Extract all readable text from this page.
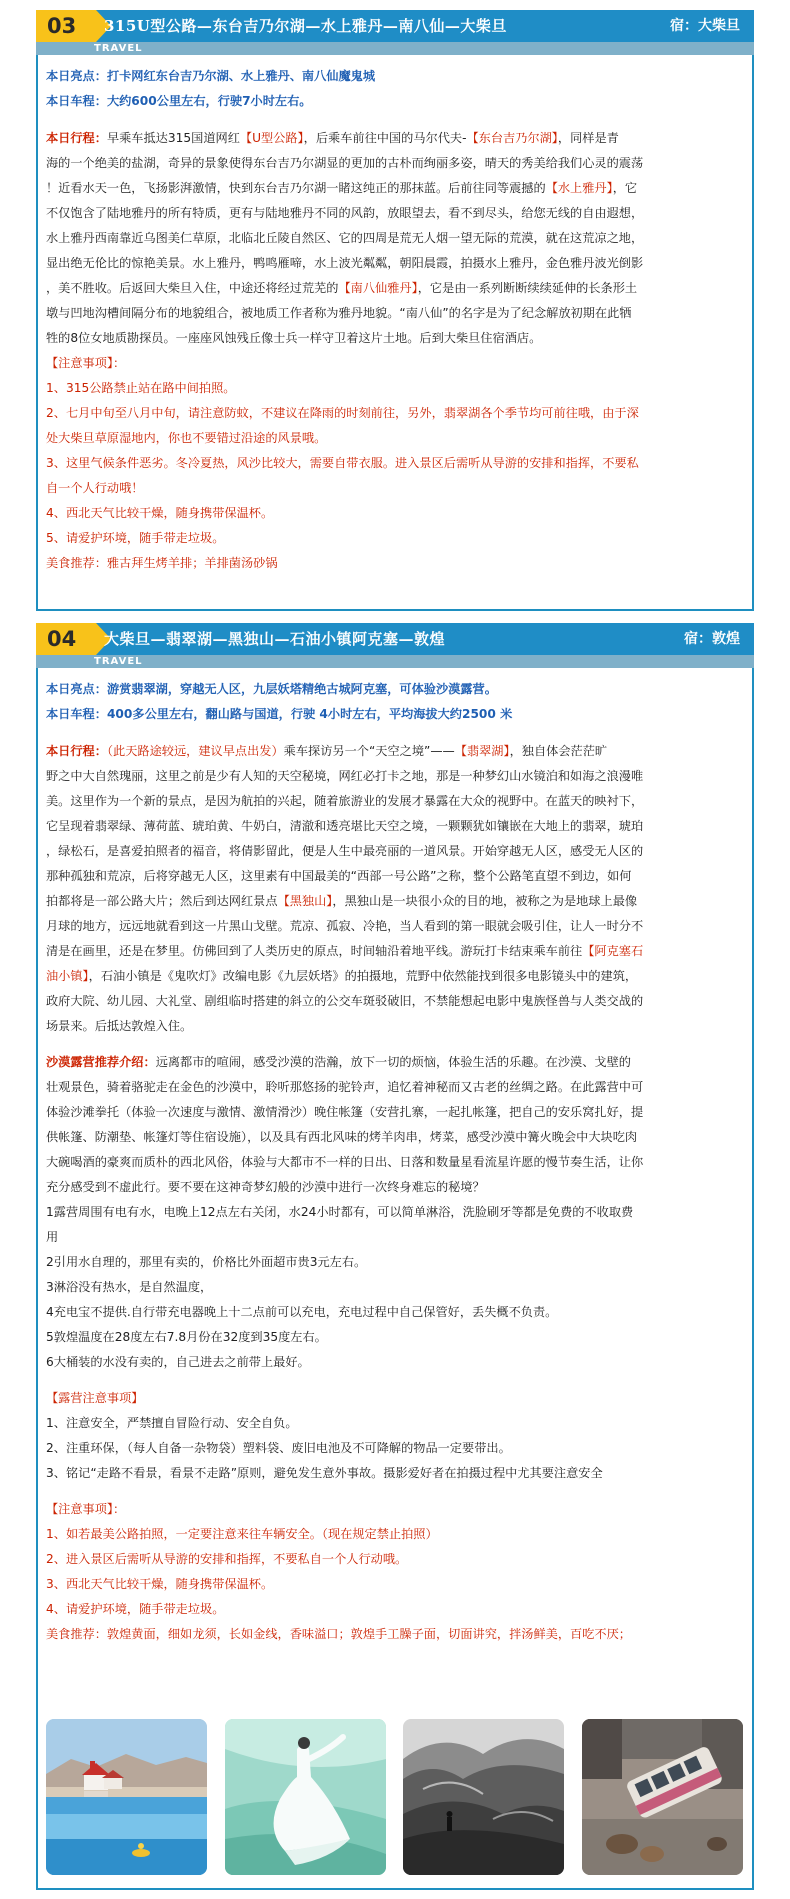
03	315U型公路—东台吉乃尔湖—水上雅丹—南八仙—大柴旦	宿：大柴旦
TRAVEL
本日亮点：打卡网红东台吉乃尔湖、水上雅丹、南八仙魔鬼城
本日车程：大约600公里左右，行驶7小时左右。
本日行程：早乘车抵达315国道网红【U型公路】，后乘车前往中国的马尔代夫-【东台吉乃尔湖】，同样是青
海的一个绝美的盐湖，奇异的景象使得东台吉乃尔湖显的更加的古朴而绚丽多姿，晴天的秀美给我们心灵的震荡
！近看水天一色，飞扬影湃激情，快到东台吉乃尔湖一睹这纯正的那抹蓝。后前往同等震撼的【水上雅丹】，它
不仅饱含了陆地雅丹的所有特质，更有与陆地雅丹不同的风韵，放眼望去，看不到尽头，给您无线的自由遐想，
水上雅丹西南靠近乌图美仁草原，北临北丘陵自然区、它的四周是荒无人烟一望无际的荒漠，就在这荒凉之地，
显出绝无伦比的惊艳美景。水上雅丹，鸭鸣雁啼，水上波光粼粼，朝阳晨霞，拍摄水上雅丹，金色雅丹波光倒影
，美不胜收。后返回大柴旦入住，中途还将经过荒芜的【南八仙雅丹】，它是由一系列断断续续延伸的长条形土
墩与凹地沟槽间隔分布的地貌组合，被地质工作者称为雅丹地貌。“南八仙”的名字是为了纪念解放初期在此牺
牲的8位女地质勘探员。一座座风蚀残丘像士兵一样守卫着这片土地。后到大柴旦住宿酒店。
【注意事项】：
1、315公路禁止站在路中间拍照。
2、七月中旬至八月中旬，请注意防蚊，不建议在降雨的时刻前往，另外，翡翠湖各个季节均可前往哦，由于深
处大柴旦草原湿地内，你也不要错过沿途的风景哦。
3、这里气候条件恶劣。冬冷夏热，风沙比较大，需要自带衣服。进入景区后需听从导游的安排和指挥，不要私
自一个人行动哦！
4、西北天气比较干燥，随身携带保温杯。
5、请爱护环境，随手带走垃圾。
美食推荐：雅古拜生烤羊排；羊排菌汤砂锅
04	大柴旦—翡翠湖—黑独山—石油小镇阿克塞—敦煌	宿：敦煌
TRAVEL
本日亮点：游赏翡翠湖，穿越无人区，九层妖塔精绝古城阿克塞，可体验沙漠露营。
本日车程：400多公里左右，翻山路与国道，行驶 4小时左右，平均海拔大约2500 米
本日行程：（此天路途较远，建议早点出发）乘车探访另一个“天空之境”——【翡翠湖】，独自体会茫茫旷
野之中大自然瑰丽，这里之前是少有人知的天空秘境，网红必打卡之地，那是一种梦幻山水镜泊和如海之浪漫唯
美。这里作为一个新的景点，是因为航拍的兴起，随着旅游业的发展才暴露在大众的视野中。在蓝天的映衬下，
它呈现着翡翠绿、薄荷蓝、琥珀黄、牛奶白，清澈和透亮堪比天空之境，一颗颗犹如镶嵌在大地上的翡翠，琥珀
，绿松石，是喜爱拍照者的福音，将倩影留此，便是人生中最亮丽的一道风景。开始穿越无人区，感受无人区的
那种孤独和荒凉，后将穿越无人区，这里素有中国最美的“西部一号公路”之称，整个公路笔直望不到边，如何
拍都将是一部公路大片；然后到达网红景点【黑独山】，黑独山是一块很小众的目的地，被称之为是地球上最像
月球的地方，远远地就看到这一片黑山戈壁。荒凉、孤寂、冷艳，当人看到的第一眼就会吸引住，让人一时分不
清是在画里，还是在梦里。仿佛回到了人类历史的原点，时间轴沿着地平线。游玩打卡结束乘车前往【阿克塞石
油小镇】，石油小镇是《鬼吹灯》改编电影《九层妖塔》的拍摄地，荒野中依然能找到很多电影镜头中的建筑，
政府大院、幼儿园、大礼堂、剧组临时搭建的斜立的公交车斑驳破旧，不禁能想起电影中鬼族怪兽与人类交战的
场景来。后抵达敦煌入住。
沙漠露营推荐介绍：远离都市的喧闹，感受沙漠的浩瀚，放下一切的烦恼，体验生活的乐趣。在沙漠、戈壁的
壮观景色，骑着骆驼走在金色的沙漠中，聆听那悠扬的驼铃声，追忆着神秘而又古老的丝绸之路。在此露营中可
体验沙滩拳托（体验一次速度与激情、激情滑沙）晚住帐篷（安营扎寨，一起扎帐篷，把自己的安乐窝扎好，提
供帐篷、防潮垫、帐篷灯等住宿设施），以及具有西北风味的烤羊肉串，烤菜，感受沙漠中篝火晚会中大块吃肉
大碗喝酒的豪爽而质朴的西北风俗，体验与大都市不一样的日出、日落和数量星看流星许愿的慢节奏生活，让你
充分感受到不虚此行。要不要在这神奇梦幻般的沙漠中进行一次终身难忘的秘境？
1露营周围有电有水，电晚上12点左右关闭，水24小时都有，可以简单淋浴，洗脸刷牙等都是免费的不收取费
用
2引用水自理的，那里有卖的，价格比外面超市贵3元左右。
3淋浴没有热水，是自然温度，
4充电宝不提供.自行带充电器晚上十二点前可以充电，充电过程中自己保管好，丢失概不负责。
5敦煌温度在28度左右7.8月份在32度到35度左右。
6大桶装的水没有卖的，自己进去之前带上最好。
【露营注意事项】
1、注意安全，严禁擅自冒险行动、安全自负。
2、注重环保，（每人自备一杂物袋）塑料袋、废旧电池及不可降解的物品一定要带出。
3、铭记“走路不看景，看景不走路”原则，避免发生意外事故。摄影爱好者在拍摄过程中尤其要注意安全
【注意事项】：
1、如若最美公路拍照，一定要注意来往车辆安全。（现在规定禁止拍照）
2、进入景区后需听从导游的安排和指挥，不要私自一个人行动哦。
3、西北天气比较干燥，随身携带保温杯。
4、请爱护环境，随手带走垃圾。
美食推荐：敦煌黄面，细如龙须，长如金线，香味溢口；敦煌手工臊子面，切面讲究，拌汤鲜美，百吃不厌；
